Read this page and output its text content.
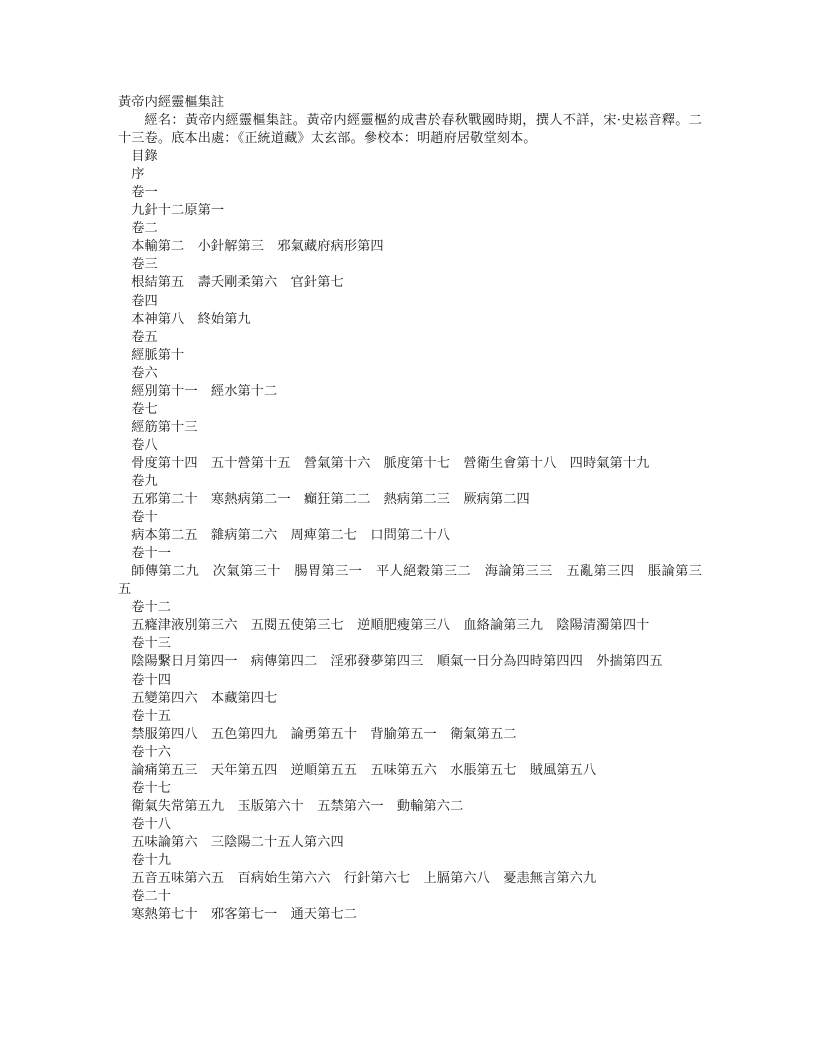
黃帝内經靈樞集註
經名：黃帝内經靈樞集註。黃帝内經靈樞約成書於春秋戰國時期，撰人不詳，宋·史崧音釋。二十三卷。底本出處：《正統道藏》太玄部。參校本：明趙府居敬堂刻本。
目錄
序
卷一
九針十二原第一
卷二
本輸第二　小針解第三　邪氣藏府病形第四
卷三
根結第五　壽夭剛柔第六　官針第七
卷四
本神第八　終始第九
卷五
經脈第十
卷六
經別第十一　經水第十二
卷七
經筋第十三
卷八
骨度第十四　五十營第十五　營氣第十六　脈度第十七　營衛生會第十八　四時氣第十九
卷九
五邪第二十　寒熱病第二一　癲狂第二二　熱病第二三　厥病第二四
卷十
病本第二五　雜病第二六　周痺第二七　口問第二十八
卷十一
師傳第二九　次氣第三十　腸胃第三一　平人絕穀第三二　海論第三三　五亂第三四　脹論第三五
卷十二
五癃津液別第三六　五閱五使第三七　逆順肥瘦第三八　血絡論第三九　陰陽清濁第四十
卷十三
陰陽繫日月第四一　病傳第四二　淫邪發夢第四三　順氣一日分為四時第四四　外揣第四五
卷十四
五變第四六　本藏第四七
卷十五
禁服第四八　五色第四九　論勇第五十　背腧第五一　衛氣第五二
卷十六
論痛第五三　天年第五四　逆順第五五　五味第五六　水脹第五七　賊風第五八
卷十七
衛氣失常第五九　玉版第六十　五禁第六一　動輸第六二
卷十八
五味論第六　三陰陽二十五人第六四
卷十九
五音五味第六五　百病始生第六六　行針第六七　上膈第六八　憂恚無言第六九
卷二十
寒熱第七十　邪客第七一　通天第七二
